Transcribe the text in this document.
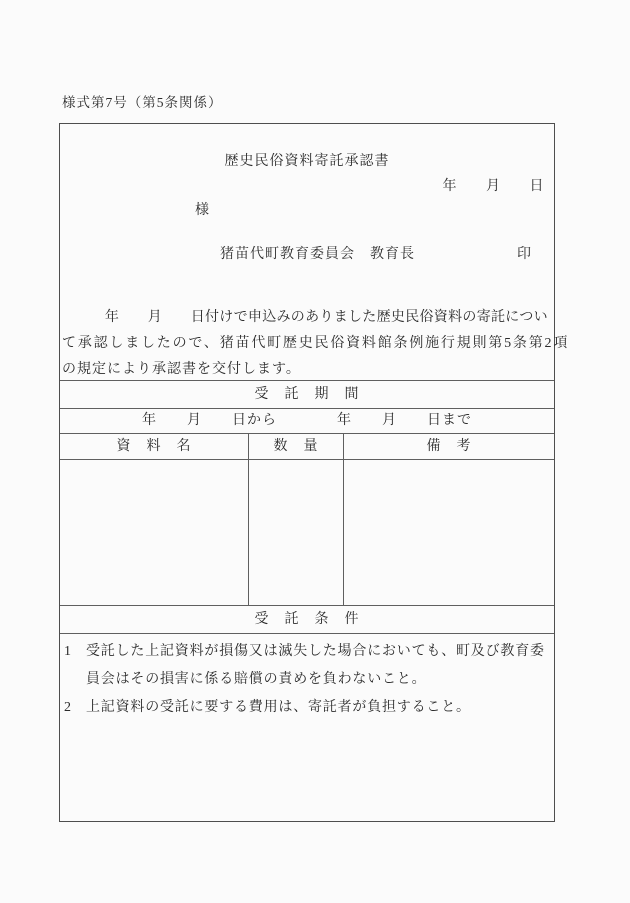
様式第7号（第5条関係）
歴史民俗資料寄託承認書
年　　月　　日
様
猪苗代町教育委員会　教育長	印
　　　年　　月　　日付けで申込みのありました歴史民俗資料の寄託につい
て承認しましたので、猪苗代町歴史民俗資料館条例施行規則第5条第2項
の規定により承認書を交付します。
受　託　期　間
年　　月　　日から　　　　年　　月　　日まで
資　料　名	数　量	備　考
受　託　条　件
1	受託した上記資料が損傷又は滅失した場合においても、町及び教育委
員会はその損害に係る賠償の責めを負わないこと。
2	上記資料の受託に要する費用は、寄託者が負担すること。
